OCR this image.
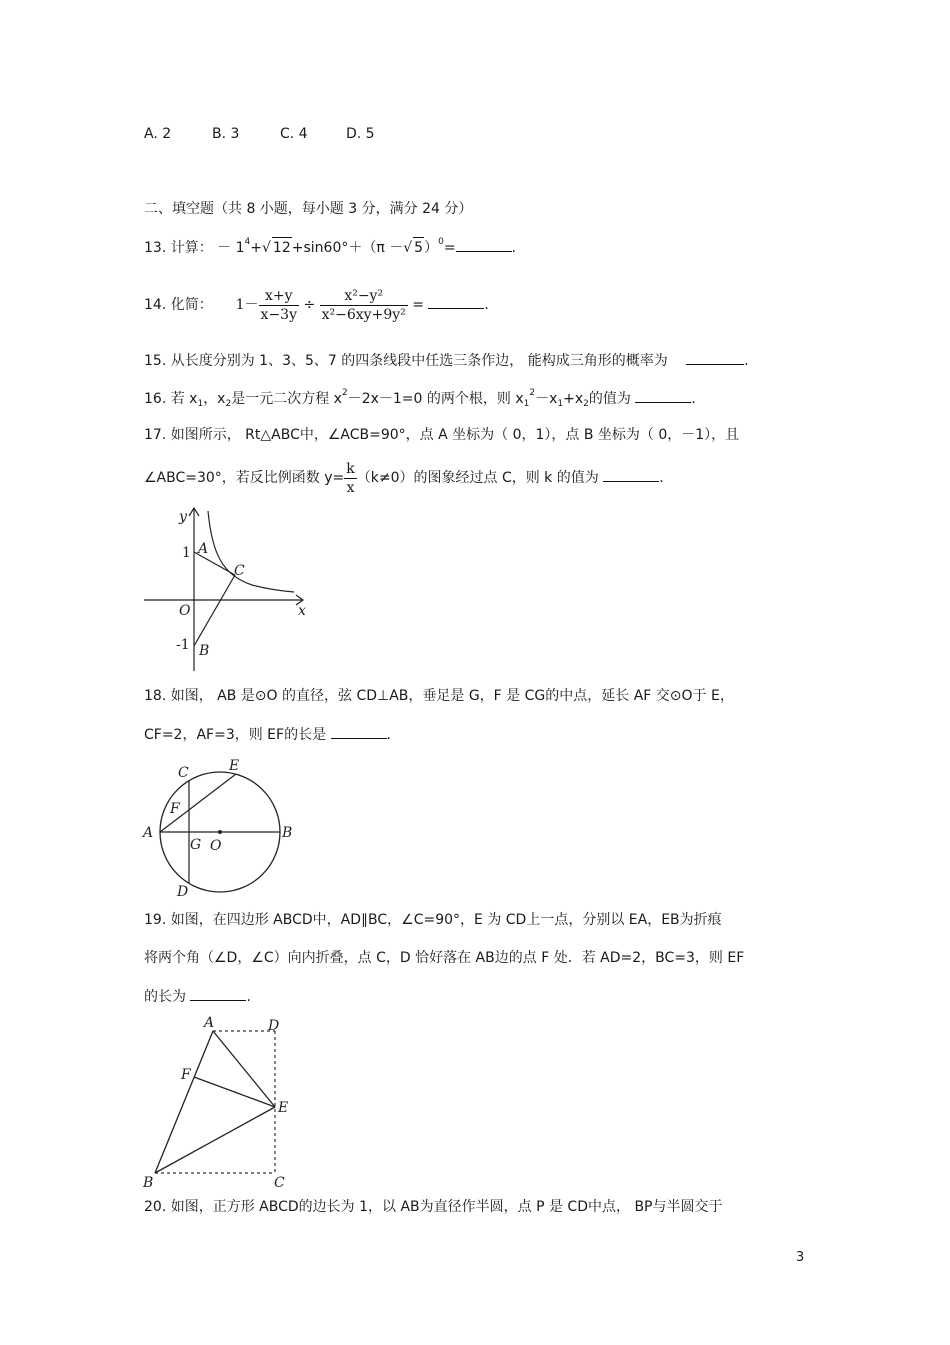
A. 2	B. 3	C. 4	D. 5
二、填空题（共 8 小题，每小题 3 分，满分 24 分）
13. 计算： － $1^4+√$ 12+sin60°＋（π －√ 5）$^0$=	.
14. 化简： $1- \frac{x+y}{x-3y} \div \frac{\text{x²−y²}}{\text{x²−6xy+9y²}}$ =	.
15. 从长度分别为 1、3、5、7 的四条线段中任选三条作边， 能构成三角形的概率为	.
16. 若 $x_1$，$x_2$是一元二次方程 $x^2-2x-1=0$ 的两个根，则 $x_1^2-x_1+x_2$的值为	.
17. 如图所示， Rt△ABC中，∠ACB=90°，点 A 坐标为（ 0，1），点 B 坐标为（ 0，－1），且
∠ABC=30°，若反比例函数 $y= \frac{k}{x} (k\ne 0)$的图象经过点 C，则 k 的值为	.
y
x
O
1
-1
A
B
C
18. 如图， AB 是⊙O 的直径，弦 CD⊥AB，垂足是 G，F 是 CG的中点，延长 AF 交⊙O于 E，
CF=2，AF=3，则 EF的长是	.
A	B
C
D
E
F
G O
19. 如图，在四边形 ABCD中，AD∥BC，∠C=90°，E 为 CD上一点，分别以 EA，EB为折痕
将两个角（∠D，∠C）向内折叠，点 C，D 恰好落在 AB边的点 F 处．若 AD=2，BC=3，则 EF
的长为	.
A	D
E
F
B	C
20. 如图，正方形 ABCD的边长为 1，以 AB为直径作半圆，点 P 是 CD中点， BP与半圆交于
3
